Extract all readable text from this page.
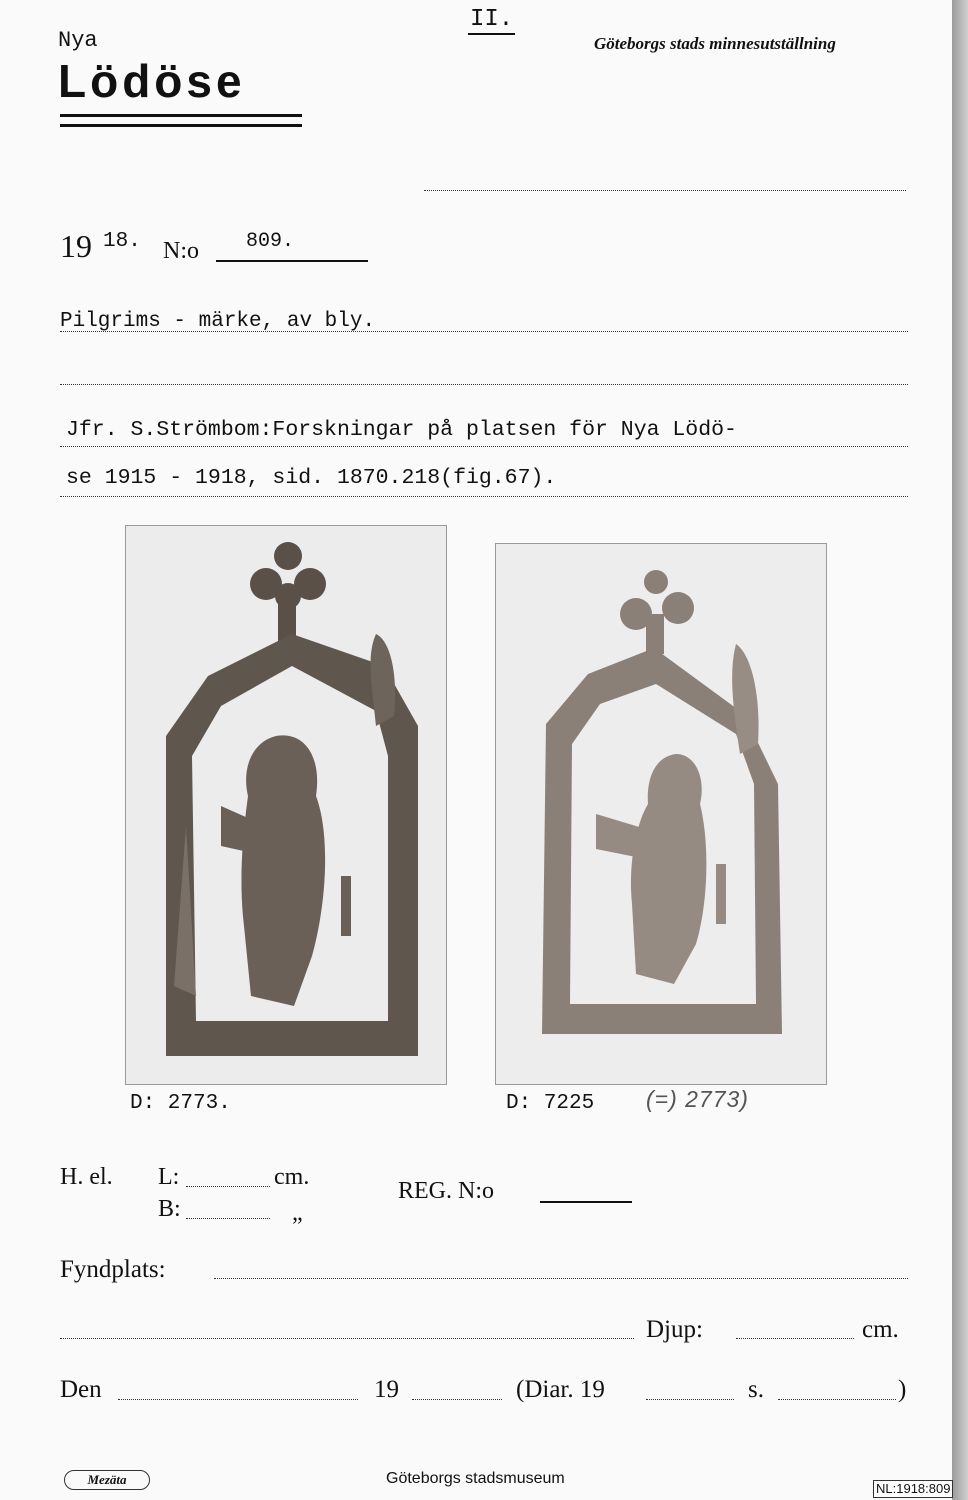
II.
Nya
Lödöse
Göteborgs stads minnesutställning
19 18. N:o 809.
Pilgrims - märke, av bly.
Jfr. S.Strömbom:Forskningar på platsen för Nya Lödö-
se 1915 - 1918, sid. 1870.218(fig.67).
D: 2773.	D: 7225 (=) 2773)
H. el. L:	cm.
B:	„
REG. N:o
Fyndplats:
Djup:	cm.
Den	19	(Diar. 19	s.	)
Mezäta	Göteborgs stadsmuseum
NL:1918:809
